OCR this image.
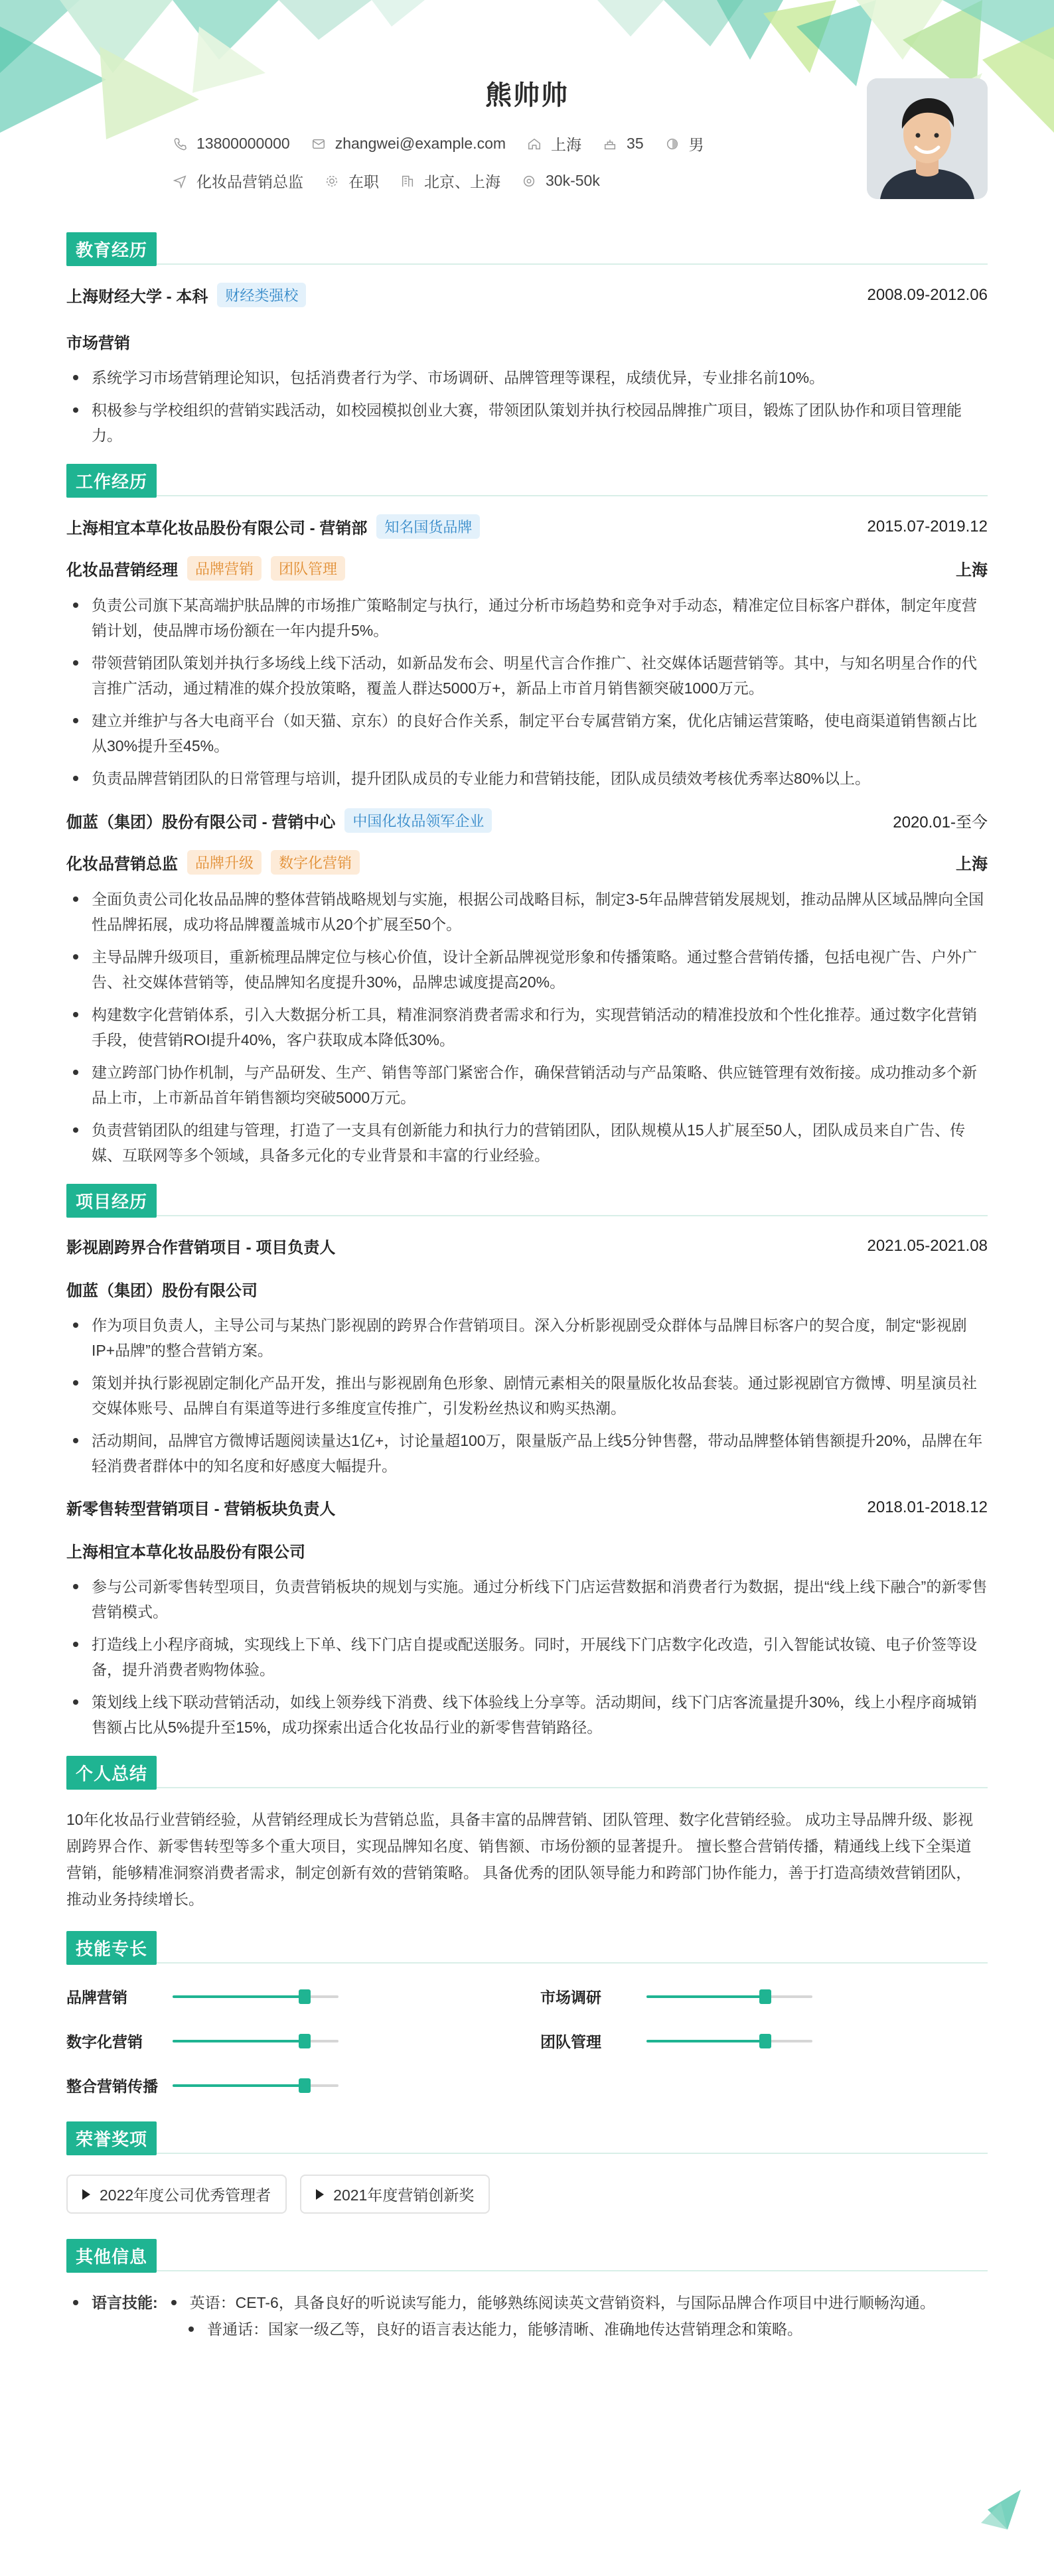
熊帅帅
13800000000	zhangwei@example.com	上海	35	男
化妆品营销总监	在职	北京、上海	30k-50k
教育经历
上海财经大学 - 本科	财经类强校	2008.09-2012.06
市场营销
系统学习市场营销理论知识，包括消费者行为学、市场调研、品牌管理等课程，成绩优异，专业排名前10%。
积极参与学校组织的营销实践活动，如校园模拟创业大赛，带领团队策划并执行校园品牌推广项目，锻炼了团队协作和项目管理能力。
工作经历
上海相宜本草化妆品股份有限公司 - 营销部	知名国货品牌	2015.07-2019.12
化妆品营销经理	品牌营销	团队管理	上海
负责公司旗下某高端护肤品牌的市场推广策略制定与执行，通过分析市场趋势和竞争对手动态，精准定位目标客户群体，制定年度营销计划，使品牌市场份额在一年内提升5%。
带领营销团队策划并执行多场线上线下活动，如新品发布会、明星代言合作推广、社交媒体话题营销等。其中，与知名明星合作的代言推广活动，通过精准的媒介投放策略，覆盖人群达5000万+，新品上市首月销售额突破1000万元。
建立并维护与各大电商平台（如天猫、京东）的良好合作关系，制定平台专属营销方案，优化店铺运营策略，使电商渠道销售额占比从30%提升至45%。
负责品牌营销团队的日常管理与培训，提升团队成员的专业能力和营销技能，团队成员绩效考核优秀率达80%以上。
伽蓝（集团）股份有限公司 - 营销中心	中国化妆品领军企业	2020.01-至今
化妆品营销总监	品牌升级	数字化营销	上海
全面负责公司化妆品品牌的整体营销战略规划与实施，根据公司战略目标，制定3-5年品牌营销发展规划，推动品牌从区域品牌向全国性品牌拓展，成功将品牌覆盖城市从20个扩展至50个。
主导品牌升级项目，重新梳理品牌定位与核心价值，设计全新品牌视觉形象和传播策略。通过整合营销传播，包括电视广告、户外广告、社交媒体营销等，使品牌知名度提升30%，品牌忠诚度提高20%。
构建数字化营销体系，引入大数据分析工具，精准洞察消费者需求和行为，实现营销活动的精准投放和个性化推荐。通过数字化营销手段，使营销ROI提升40%，客户获取成本降低30%。
建立跨部门协作机制，与产品研发、生产、销售等部门紧密合作，确保营销活动与产品策略、供应链管理有效衔接。成功推动多个新品上市，上市新品首年销售额均突破5000万元。
负责营销团队的组建与管理，打造了一支具有创新能力和执行力的营销团队，团队规模从15人扩展至50人，团队成员来自广告、传媒、互联网等多个领域，具备多元化的专业背景和丰富的行业经验。
项目经历
影视剧跨界合作营销项目 - 项目负责人	2021.05-2021.08
伽蓝（集团）股份有限公司
作为项目负责人，主导公司与某热门影视剧的跨界合作营销项目。深入分析影视剧受众群体与品牌目标客户的契合度，制定“影视剧IP+品牌”的整合营销方案。
策划并执行影视剧定制化产品开发，推出与影视剧角色形象、剧情元素相关的限量版化妆品套装。通过影视剧官方微博、明星演员社交媒体账号、品牌自有渠道等进行多维度宣传推广，引发粉丝热议和购买热潮。
活动期间，品牌官方微博话题阅读量达1亿+，讨论量超100万，限量版产品上线5分钟售罄，带动品牌整体销售额提升20%，品牌在年轻消费者群体中的知名度和好感度大幅提升。
新零售转型营销项目 - 营销板块负责人	2018.01-2018.12
上海相宜本草化妆品股份有限公司
参与公司新零售转型项目，负责营销板块的规划与实施。通过分析线下门店运营数据和消费者行为数据，提出“线上线下融合”的新零售营销模式。
打造线上小程序商城，实现线上下单、线下门店自提或配送服务。同时，开展线下门店数字化改造，引入智能试妆镜、电子价签等设备，提升消费者购物体验。
策划线上线下联动营销活动，如线上领券线下消费、线下体验线上分享等。活动期间，线下门店客流量提升30%，线上小程序商城销售额占比从5%提升至15%，成功探索出适合化妆品行业的新零售营销路径。
个人总结
10年化妆品行业营销经验，从营销经理成长为营销总监，具备丰富的品牌营销、团队管理、数字化营销经验。 成功主导品牌升级、影视剧跨界合作、新零售转型等多个重大项目，实现品牌知名度、销售额、市场份额的显著提升。 擅长整合营销传播，精通线上线下全渠道营销，能够精准洞察消费者需求，制定创新有效的营销策略。 具备优秀的团队领导能力和跨部门协作能力，善于打造高绩效营销团队，推动业务持续增长。
技能专长
品牌营销	市场调研
数字化营销	团队管理
整合营销传播
荣誉奖项
2022年度公司优秀管理者	2021年度营销创新奖
其他信息
语言技能: 英语：CET-6，具备良好的听说读写能力，能够熟练阅读英文营销资料，与国际品牌合作项目中进行顺畅沟通。
普通话：国家一级乙等，良好的语言表达能力，能够清晰、准确地传达营销理念和策略。
